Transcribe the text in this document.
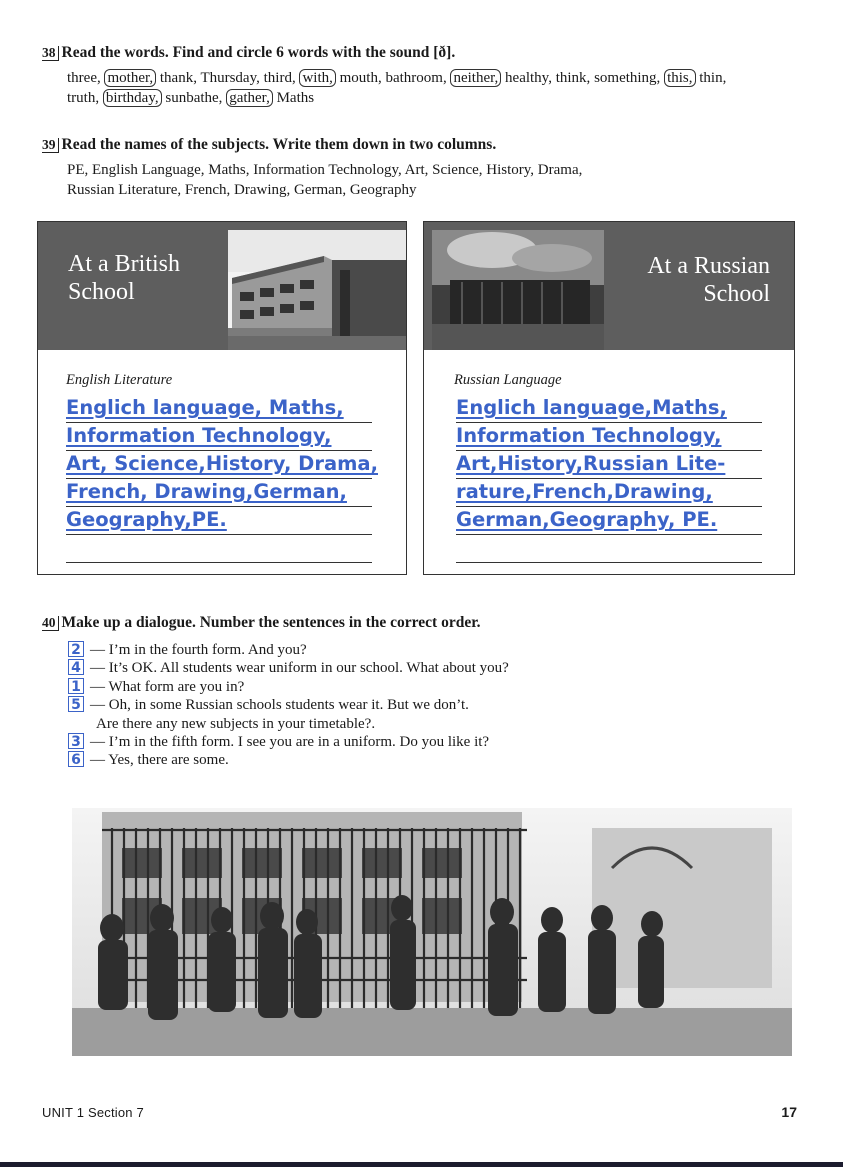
38 Read the words. Find and circle 6 words with the sound [ð].
three, mother, thank, Thursday, third, with, mouth, bathroom, neither, healthy, think, something, this, thin, truth, birthday, sunbathe, gather, Maths
39 Read the names of the subjects. Write them down in two columns.
PE, English Language, Maths, Information Technology, Art, Science, History, Drama,
Russian Literature, French, Drawing, German, Geography
At a British
School
English Literature
Englich language, Maths,
Information Technology,
Art, Science,History, Drama,
French, Drawing,German,
Geography,PE.
At a Russian
School
Russian Language
Englich language,Maths,
Information Technology,
Art,History,Russian Lite-
rature,French,Drawing,
German,Geography, PE.
40 Make up a dialogue. Number the sentences in the correct order.
2 — I’m in the fourth form. And you?
4 — It’s OK. All students wear uniform in our school. What about you?
1 — What form are you in?
5 — Oh, in some Russian schools students wear it. But we don’t.
Are there any new subjects in your timetable?.
3 — I’m in the fifth form. I see you are in a uniform. Do you like it?
6 — Yes, there are some.
UNIT 1 Section 7	17
